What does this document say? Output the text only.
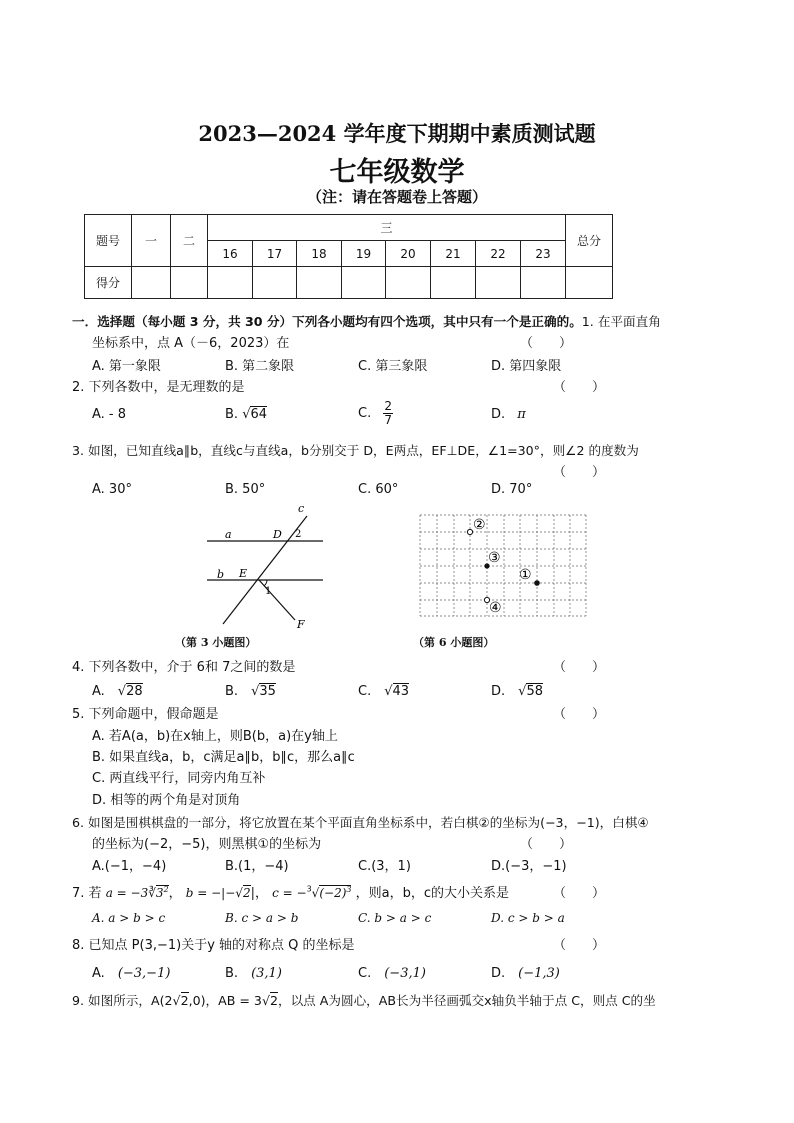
2023—2024 学年度下期期中素质测试题
七年级数学
（注：请在答题卷上答题）
题号	一	二	三								总分
			16	17	18	19	20	21	22	23	
得分											
一．选择题（每小题 3 分，共 30 分）下列各小题均有四个选项，其中只有一个是正确的。1. 在平面直角
坐标系中，点 A（－6，2023）在	（　　）
A. 第一象限	B. 第二象限	C. 第三象限	D. 第四象限
2. 下列各数中，是无理数的是	（　　）
A. - 8	B. √64	C. $\frac{2}{7}$	D. π
3. 如图，已知直线a∥b，直线c与直线a，b分别交于 D，E两点，EF⊥DE，∠1=30°，则∠2 的度数为
（　　）
A. 30°	B. 50°	C. 60°	D. 70°
a
b
c
D
E
F
1
2
（第 3 小题图）
②
③
①
④
（第 6 小题图）
4. 下列各数中，介于 6和 7之间的数是	（　　）
A.　√28	B.　√35	C.　√43	D.　√58
5. 下列命题中，假命题是	（　　）
A. 若A(a，b)在x轴上，则B(b，a)在y轴上
B. 如果直线a，b，c满足a∥b，b∥c，那么a∥c
C. 两直线平行，同旁内角互补
D. 相等的两个角是对顶角
6. 如图是围棋棋盘的一部分，将它放置在某个平面直角坐标系中，若白棋②的坐标为(−3，−1)，白棋④
的坐标为(−2，−5)，则黑棋①的坐标为	（　　）
A.(−1，−4)	B.(1，−4)	C.(3，1)	D.(−3，−1)
7. 若 $a = -3∛3^2$， b = −|−√2|， $c = -^3√(-2)^3$ ，则a，b，c的大小关系是	（　　）
A. a > b > c	B. c > a > b	C. b > a > c	D. c > b > a
8. 已知点 P(3,−1)关于y 轴的对称点 Q 的坐标是	（　　）
A.　 (−3,−1)	B.　 (3,1)	C.　 (−3,1)	D.　 (−1,3)
9. 如图所示，A(2√2,0)，AB = 3√2，以点 A为圆心，AB长为半径画弧交x轴负半轴于点 C，则点 C的坐
